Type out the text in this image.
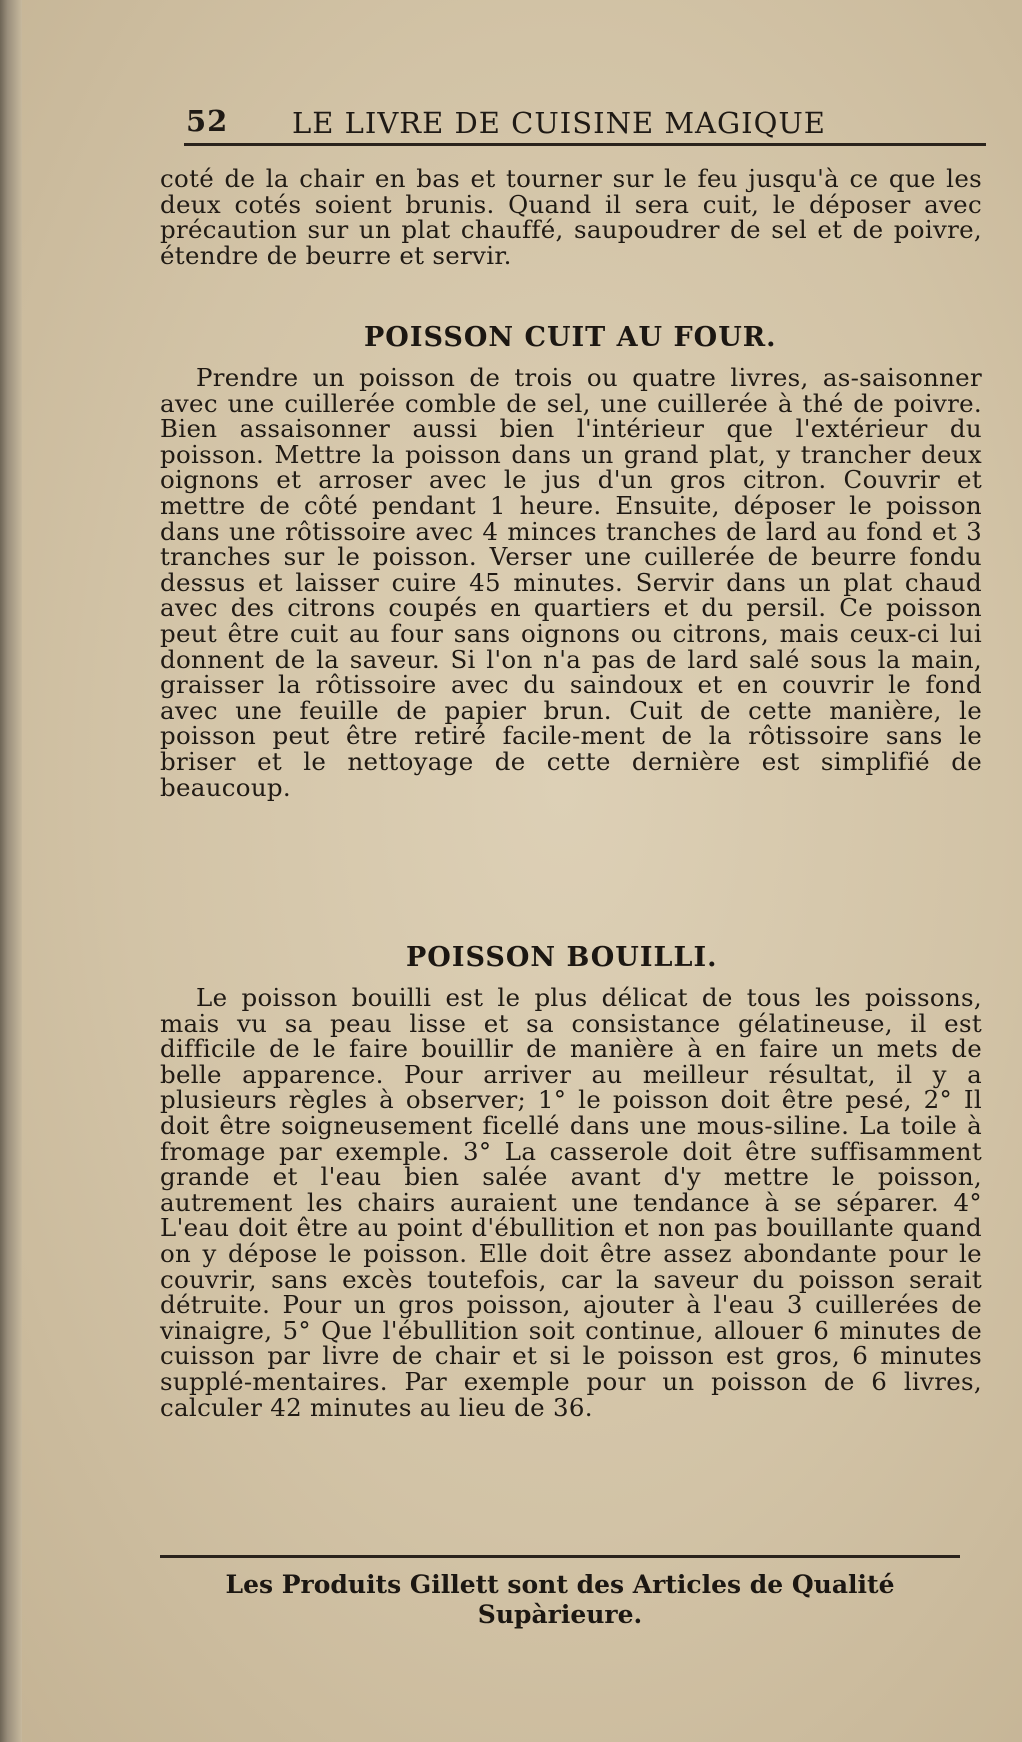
52 LE LIVRE DE CUISINE MAGIQUE
coté de la chair en bas et tourner sur le feu jusqu'à ce que les deux cotés soient brunis. Quand il sera cuit, le déposer avec précaution sur un plat chauffé, saupoudrer de sel et de poivre, étendre de beurre et servir.
POISSON CUIT AU FOUR.
Prendre un poisson de trois ou quatre livres, as-saisonner avec une cuillerée comble de sel, une cuillerée à thé de poivre. Bien assaisonner aussi bien l'intérieur que l'extérieur du poisson. Mettre la poisson dans un grand plat, y trancher deux oignons et arroser avec le jus d'un gros citron. Couvrir et mettre de côté pendant 1 heure. Ensuite, déposer le poisson dans une rôtissoire avec 4 minces tranches de lard au fond et 3 tranches sur le poisson. Verser une cuillerée de beurre fondu dessus et laisser cuire 45 minutes. Servir dans un plat chaud avec des citrons coupés en quartiers et du persil. Ce poisson peut être cuit au four sans oignons ou citrons, mais ceux-ci lui donnent de la saveur. Si l'on n'a pas de lard salé sous la main, graisser la rôtissoire avec du saindoux et en couvrir le fond avec une feuille de papier brun. Cuit de cette manière, le poisson peut être retiré facile-ment de la rôtissoire sans le briser et le nettoyage de cette dernière est simplifié de beaucoup.
POISSON BOUILLI.
Le poisson bouilli est le plus délicat de tous les poissons, mais vu sa peau lisse et sa consistance gélatineuse, il est difficile de le faire bouillir de manière à en faire un mets de belle apparence. Pour arriver au meilleur résultat, il y a plusieurs règles à observer; 1° le poisson doit être pesé, 2° Il doit être soigneusement ficellé dans une mous-siline. La toile à fromage par exemple. 3° La casserole doit être suffisamment grande et l'eau bien salée avant d'y mettre le poisson, autrement les chairs auraient une tendance à se séparer. 4° L'eau doit être au point d'ébullition et non pas bouillante quand on y dépose le poisson. Elle doit être assez abondante pour le couvrir, sans excès toutefois, car la saveur du poisson serait détruite. Pour un gros poisson, ajouter à l'eau 3 cuillerées de vinaigre, 5° Que l'ébullition soit continue, allouer 6 minutes de cuisson par livre de chair et si le poisson est gros, 6 minutes supplé-mentaires. Par exemple pour un poisson de 6 livres, calculer 42 minutes au lieu de 36.
Les Produits Gillett sont des Articles de Qualité Supàrieure.
